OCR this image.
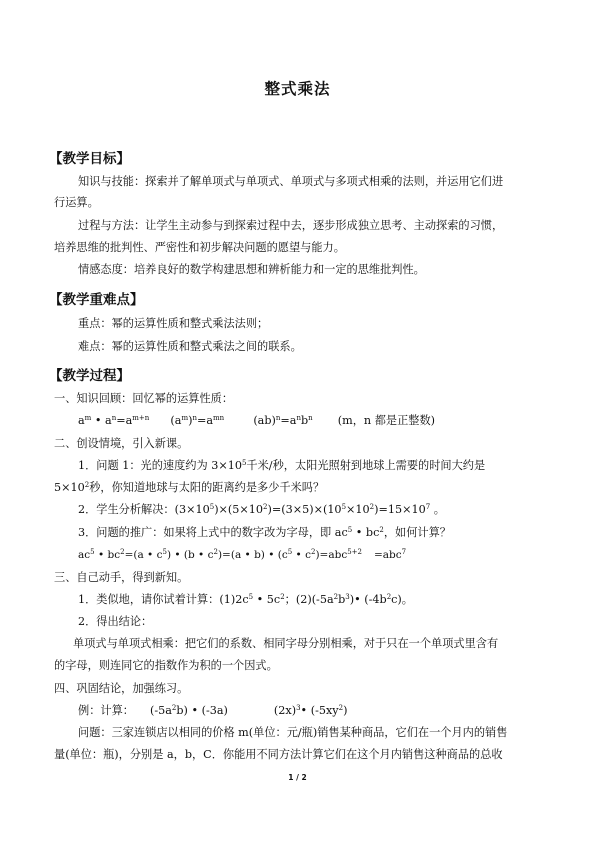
整式乘法
【教学目标】
知识与技能：探索并了解单项式与单项式、单项式与多项式相乘的法则，并运用它们进
行运算。
过程与方法：让学生主动参与到探索过程中去，逐步形成独立思考、主动探索的习惯，
培养思维的批判性、严密性和初步解决问题的愿望与能力。
情感态度：培养良好的数学构建思想和辨析能力和一定的思维批判性。
【教学重难点】
重点：幂的运算性质和整式乘法法则；
难点：幂的运算性质和整式乘法之间的联系。
【教学过程】
一、知识回顾：回忆幂的运算性质：
$a^m$ • $a^n=a^{m+n}$ $(a^m)^n=a^{mn}$	$(ab)^n=a^nb^n$ (m，n 都是正整数)
二、创设情境，引入新课。
1．问题 1：光的速度约为 $3\times 10^5$千米/秒，太阳光照射到地球上需要的时间大约是
$5\times 10^2$秒，你知道地球与太阳的距离约是多少千米吗？
2．学生分析解决：$(3\times 10^5)\times(5\times 10^2)=(3\times 5)\times(10^5\times 10^2)=15\times 10^7$ 。
3．问题的推广：如果将上式中的数字改为字母，即 $ac^5$ • $bc^2$，如何计算？
$ac^5$ • $bc^2=(a$ • $c^5$) • (b • $c^2)=(a$ • b) • ($c^5$ • $c^2)=abc^{5+2} =abc^7$
三、自己动手，得到新知。
1．类似地，请你试着计算：$(1)2c^5$ • $5c^2$；$(2)(-5a^2b^3)•$ $(-4b^2c)$。
2．得出结论：
单项式与单项式相乘：把它们的系数、相同字母分别相乘，对于只在一个单项式里含有
的字母，则连同它的指数作为积的一个因式。
四、巩固结论，加强练习。
例：计算： $(-5a^2b)$ • (-3a)	$(2x)^3•$ $(-5xy^2)$
问题：三家连锁店以相同的价格 m(单位：元/瓶)销售某种商品，它们在一个月内的销售
量(单位：瓶)，分别是 a，b，C．你能用不同方法计算它们在这个月内销售这种商品的总收
1 / 2
